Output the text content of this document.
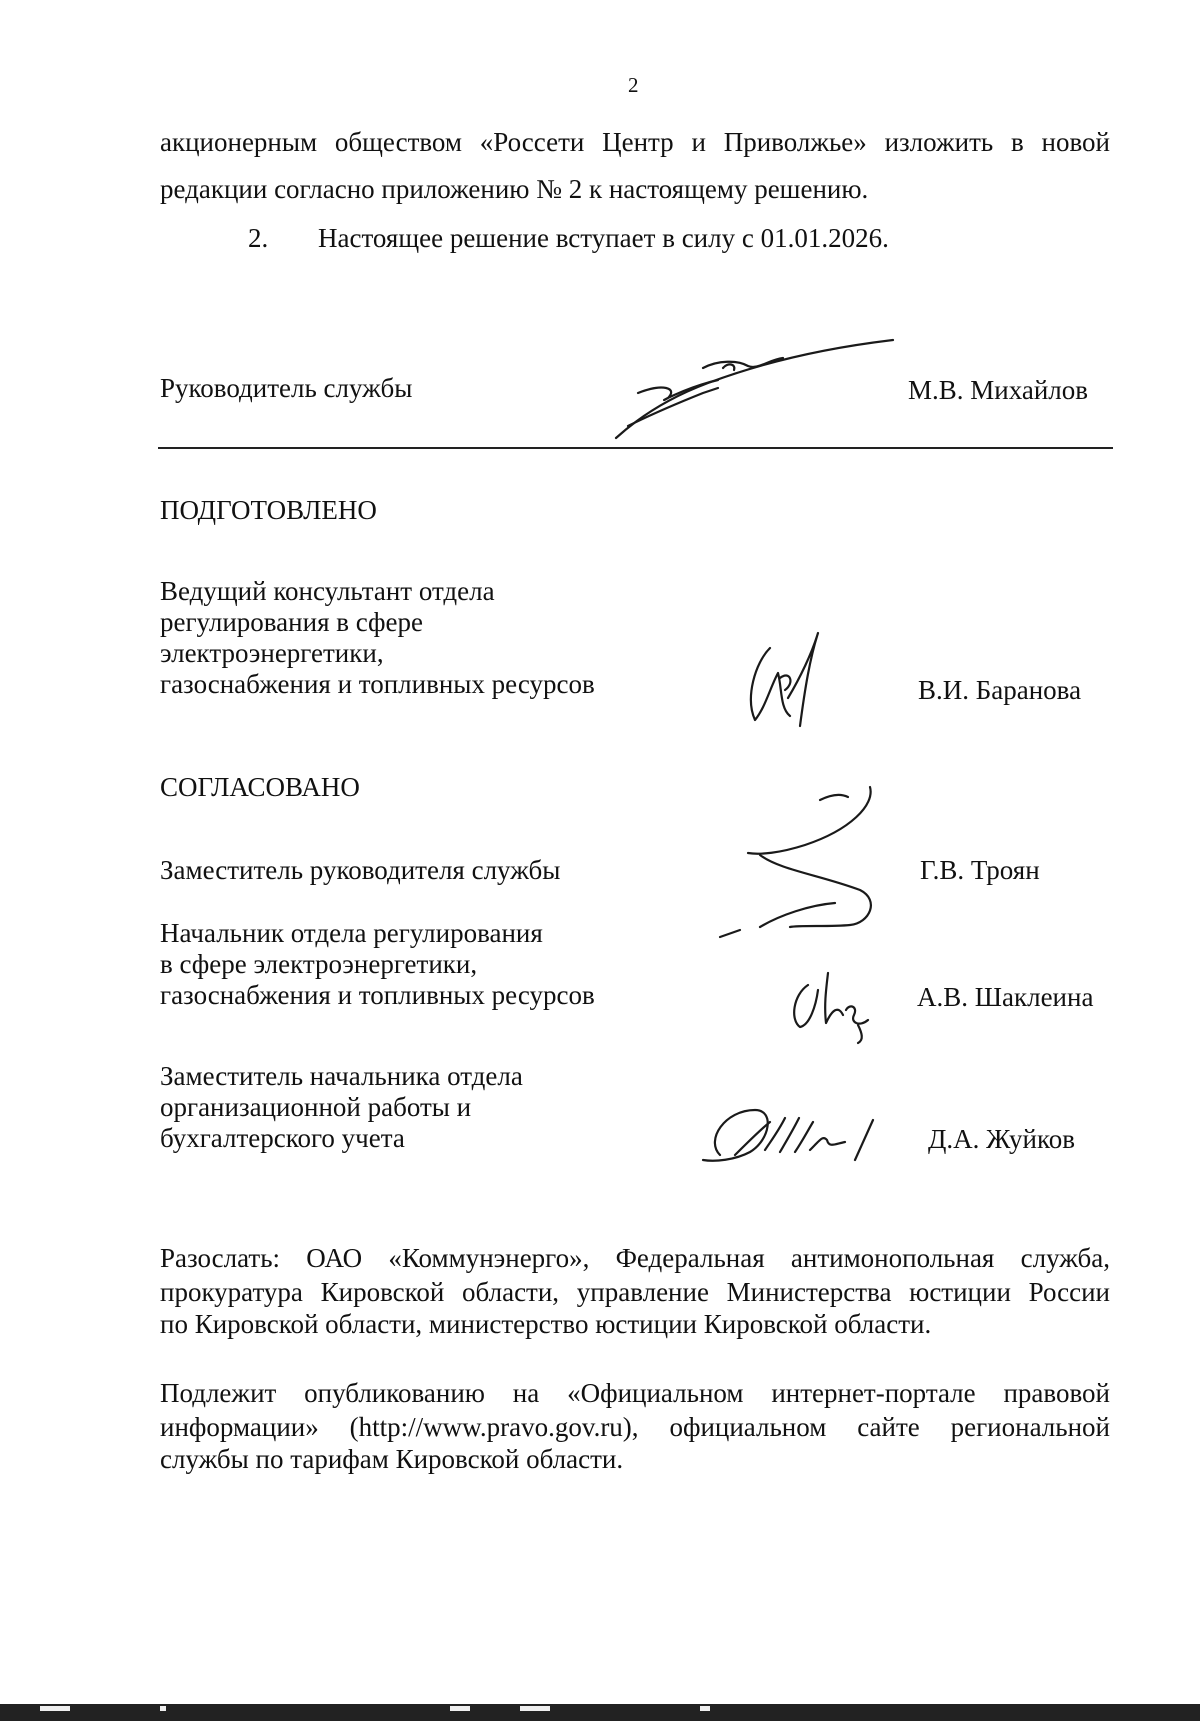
2
акционерным обществом «Россети Центр и Приволжье» изложить в новой
редакции согласно приложению № 2 к настоящему решению.
2. Настоящее решение вступает в силу с 01.01.2026.
Руководитель службы	М.В. Михайлов
ПОДГОТОВЛЕНО
Ведущий консультант отдела
регулирования в сфере
электроэнергетики,
газоснабжения и топливных ресурсов	В.И. Баранова
СОГЛАСОВАНО
Заместитель руководителя службы	Г.В. Троян
Начальник отдела регулирования
в сфере электроэнергетики,
газоснабжения и топливных ресурсов	А.В. Шаклеина
Заместитель начальника отдела
организационной работы и
бухгалтерского учета	Д.А. Жуйков
Разослать: ОАО «Коммунэнерго», Федеральная антимонопольная служба,
прокуратура Кировской области, управление Министерства юстиции России
по Кировской области, министерство юстиции Кировской области.
Подлежит опубликованию на «Официальном интернет-портале правовой
информации» (http://www.pravo.gov.ru), официальном сайте региональной
службы по тарифам Кировской области.
